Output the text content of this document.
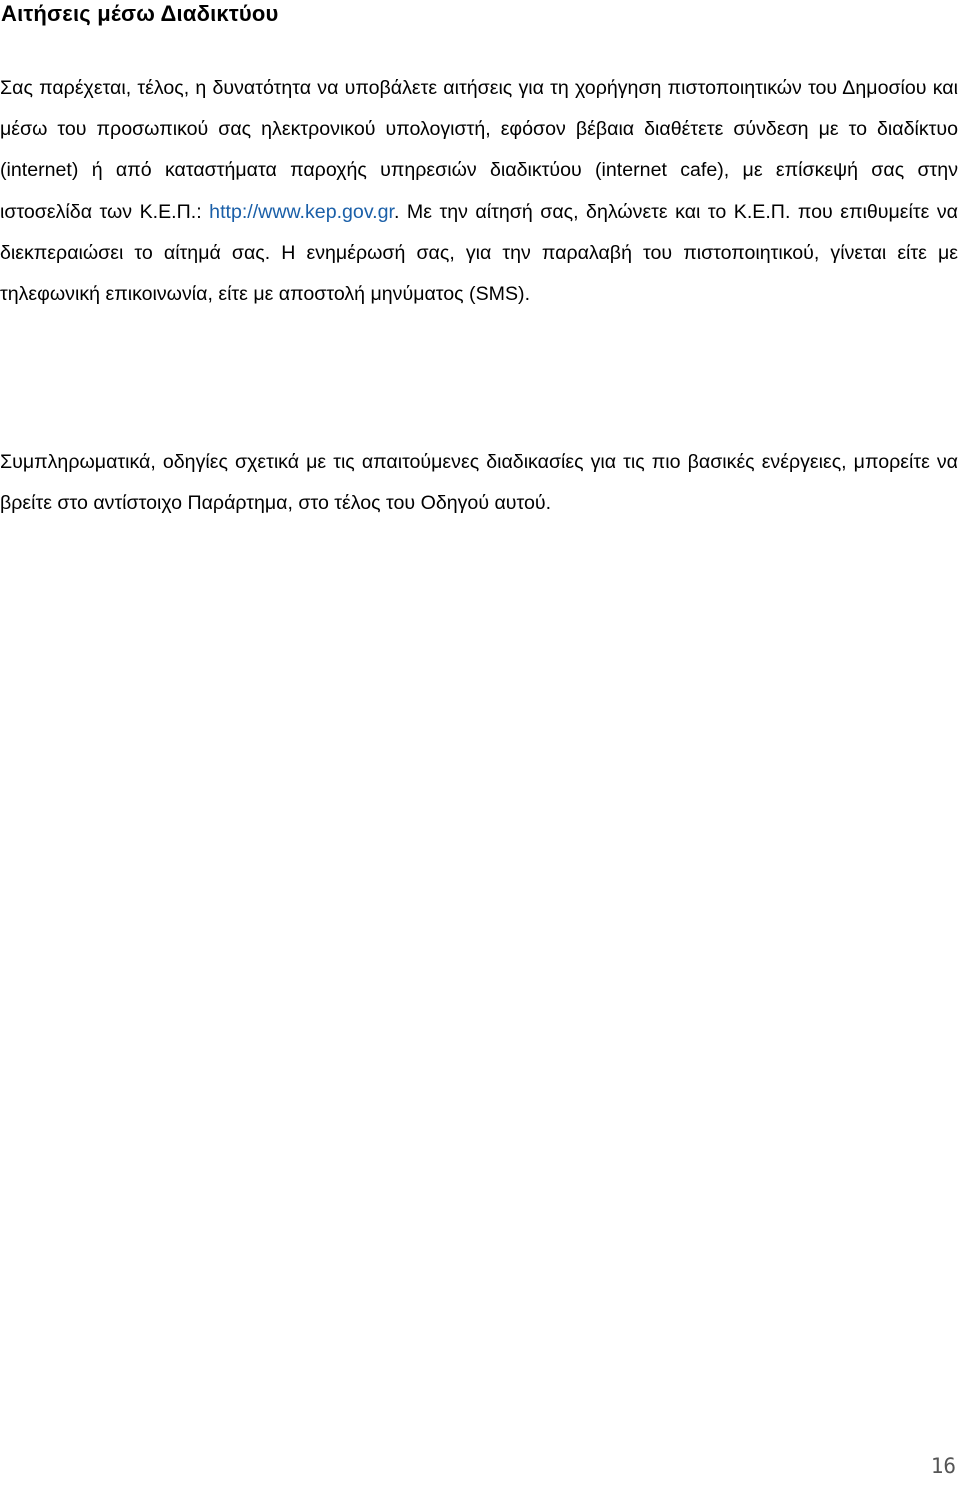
Αιτήσεις μέσω Διαδικτύου

Σας παρέχεται, τέλος, η δυνατότητα να υποβάλετε αιτήσεις για τη χορήγηση πιστοποιητικών του Δημοσίου και μέσω του προσωπικού σας ηλεκτρονικού υπολογιστή, εφόσον βέβαια διαθέτετε σύνδεση με το διαδίκτυο (internet) ή από καταστήματα παροχής υπηρεσιών διαδικτύου (internet cafe), με επίσκεψή σας στην ιστοσελίδα των Κ.Ε.Π.: http://www.kep.gov.gr. Με την αίτησή σας, δηλώνετε και το Κ.Ε.Π. που επιθυμείτε να διεκπεραιώσει το αίτημά σας. Η ενημέρωσή σας, για την παραλαβή του πιστοποιητικού, γίνεται είτε με τηλεφωνική επικοινωνία, είτε με αποστολή μηνύματος (SMS).

Συμπληρωματικά, οδηγίες σχετικά με τις απαιτούμενες διαδικασίες για τις πιο βασικές ενέργειες, μπορείτε να βρείτε στο αντίστοιχο Παράρτημα, στο τέλος του Οδηγού αυτού.

16
